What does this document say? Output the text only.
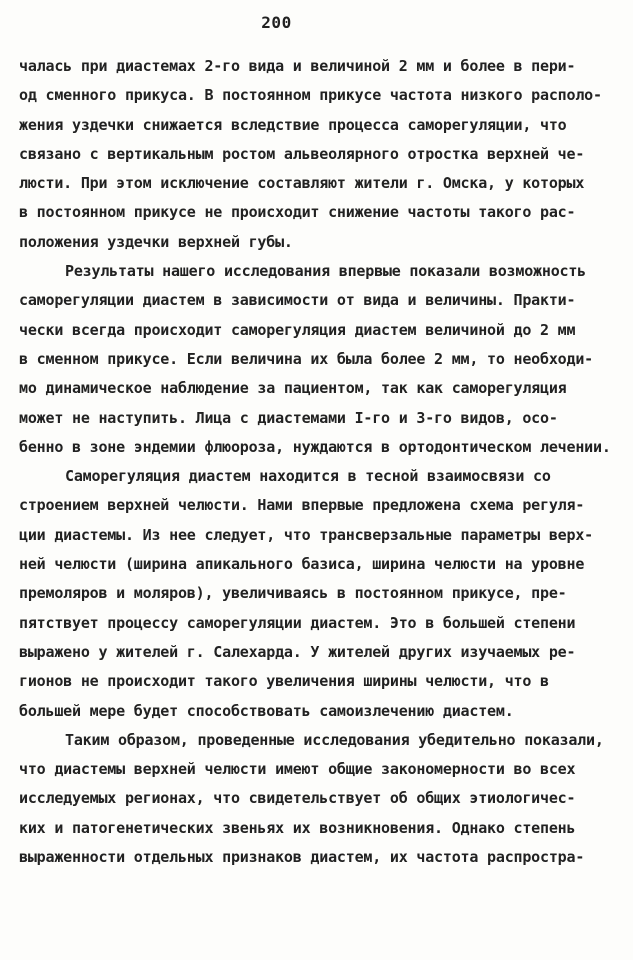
200
чалась при диастемах 2-го вида и величиной 2 мм и более в пери-
од сменного прикуса. В постоянном прикусе частота низкого располо-
жения уздечки снижается вследствие процесса саморегуляции, что
связано с вертикальным ростом альвеолярного отростка верхней че-
люсти. При этом исключение составляют жители г. Омска, у которых
в постоянном прикусе не происходит снижение частоты такого рас-
положения уздечки верхней губы.
Результаты нашего исследования впервые показали возможность
саморегуляции диастем в зависимости от вида и величины. Практи-
чески всегда происходит саморегуляция диастем величиной до 2 мм
в сменном прикусе. Если величина их была более 2 мм, то необходи-
мо динамическое наблюдение за пациентом, так как саморегуляция
может не наступить. Лица с диастемами I-го и 3-го видов, осо-
бенно в зоне эндемии флюороза, нуждаются в ортодонтическом лечении.
Саморегуляция диастем находится в тесной взаимосвязи со
строением верхней челюсти. Нами впервые предложена схема регуля-
ции диастемы. Из нее следует, что трансверзальные параметры верх-
ней челюсти (ширина апикального базиса, ширина челюсти на уровне
премоляров и моляров), увеличиваясь в постоянном прикусе, пре-
пятствует процессу саморегуляции диастем. Это в большей степени
выражено у жителей г. Салехарда. У жителей других изучаемых ре-
гионов не происходит такого увеличения ширины челюсти, что в
большей мере будет способствовать самоизлечению диастем.
Таким образом, проведенные исследования убедительно показали,
что диастемы верхней челюсти имеют общие закономерности во всех
исследуемых регионах, что свидетельствует об общих этиологичес-
ких и патогенетических звеньях их возникновения. Однако степень
выраженности отдельных признаков диастем, их частота распростра-
